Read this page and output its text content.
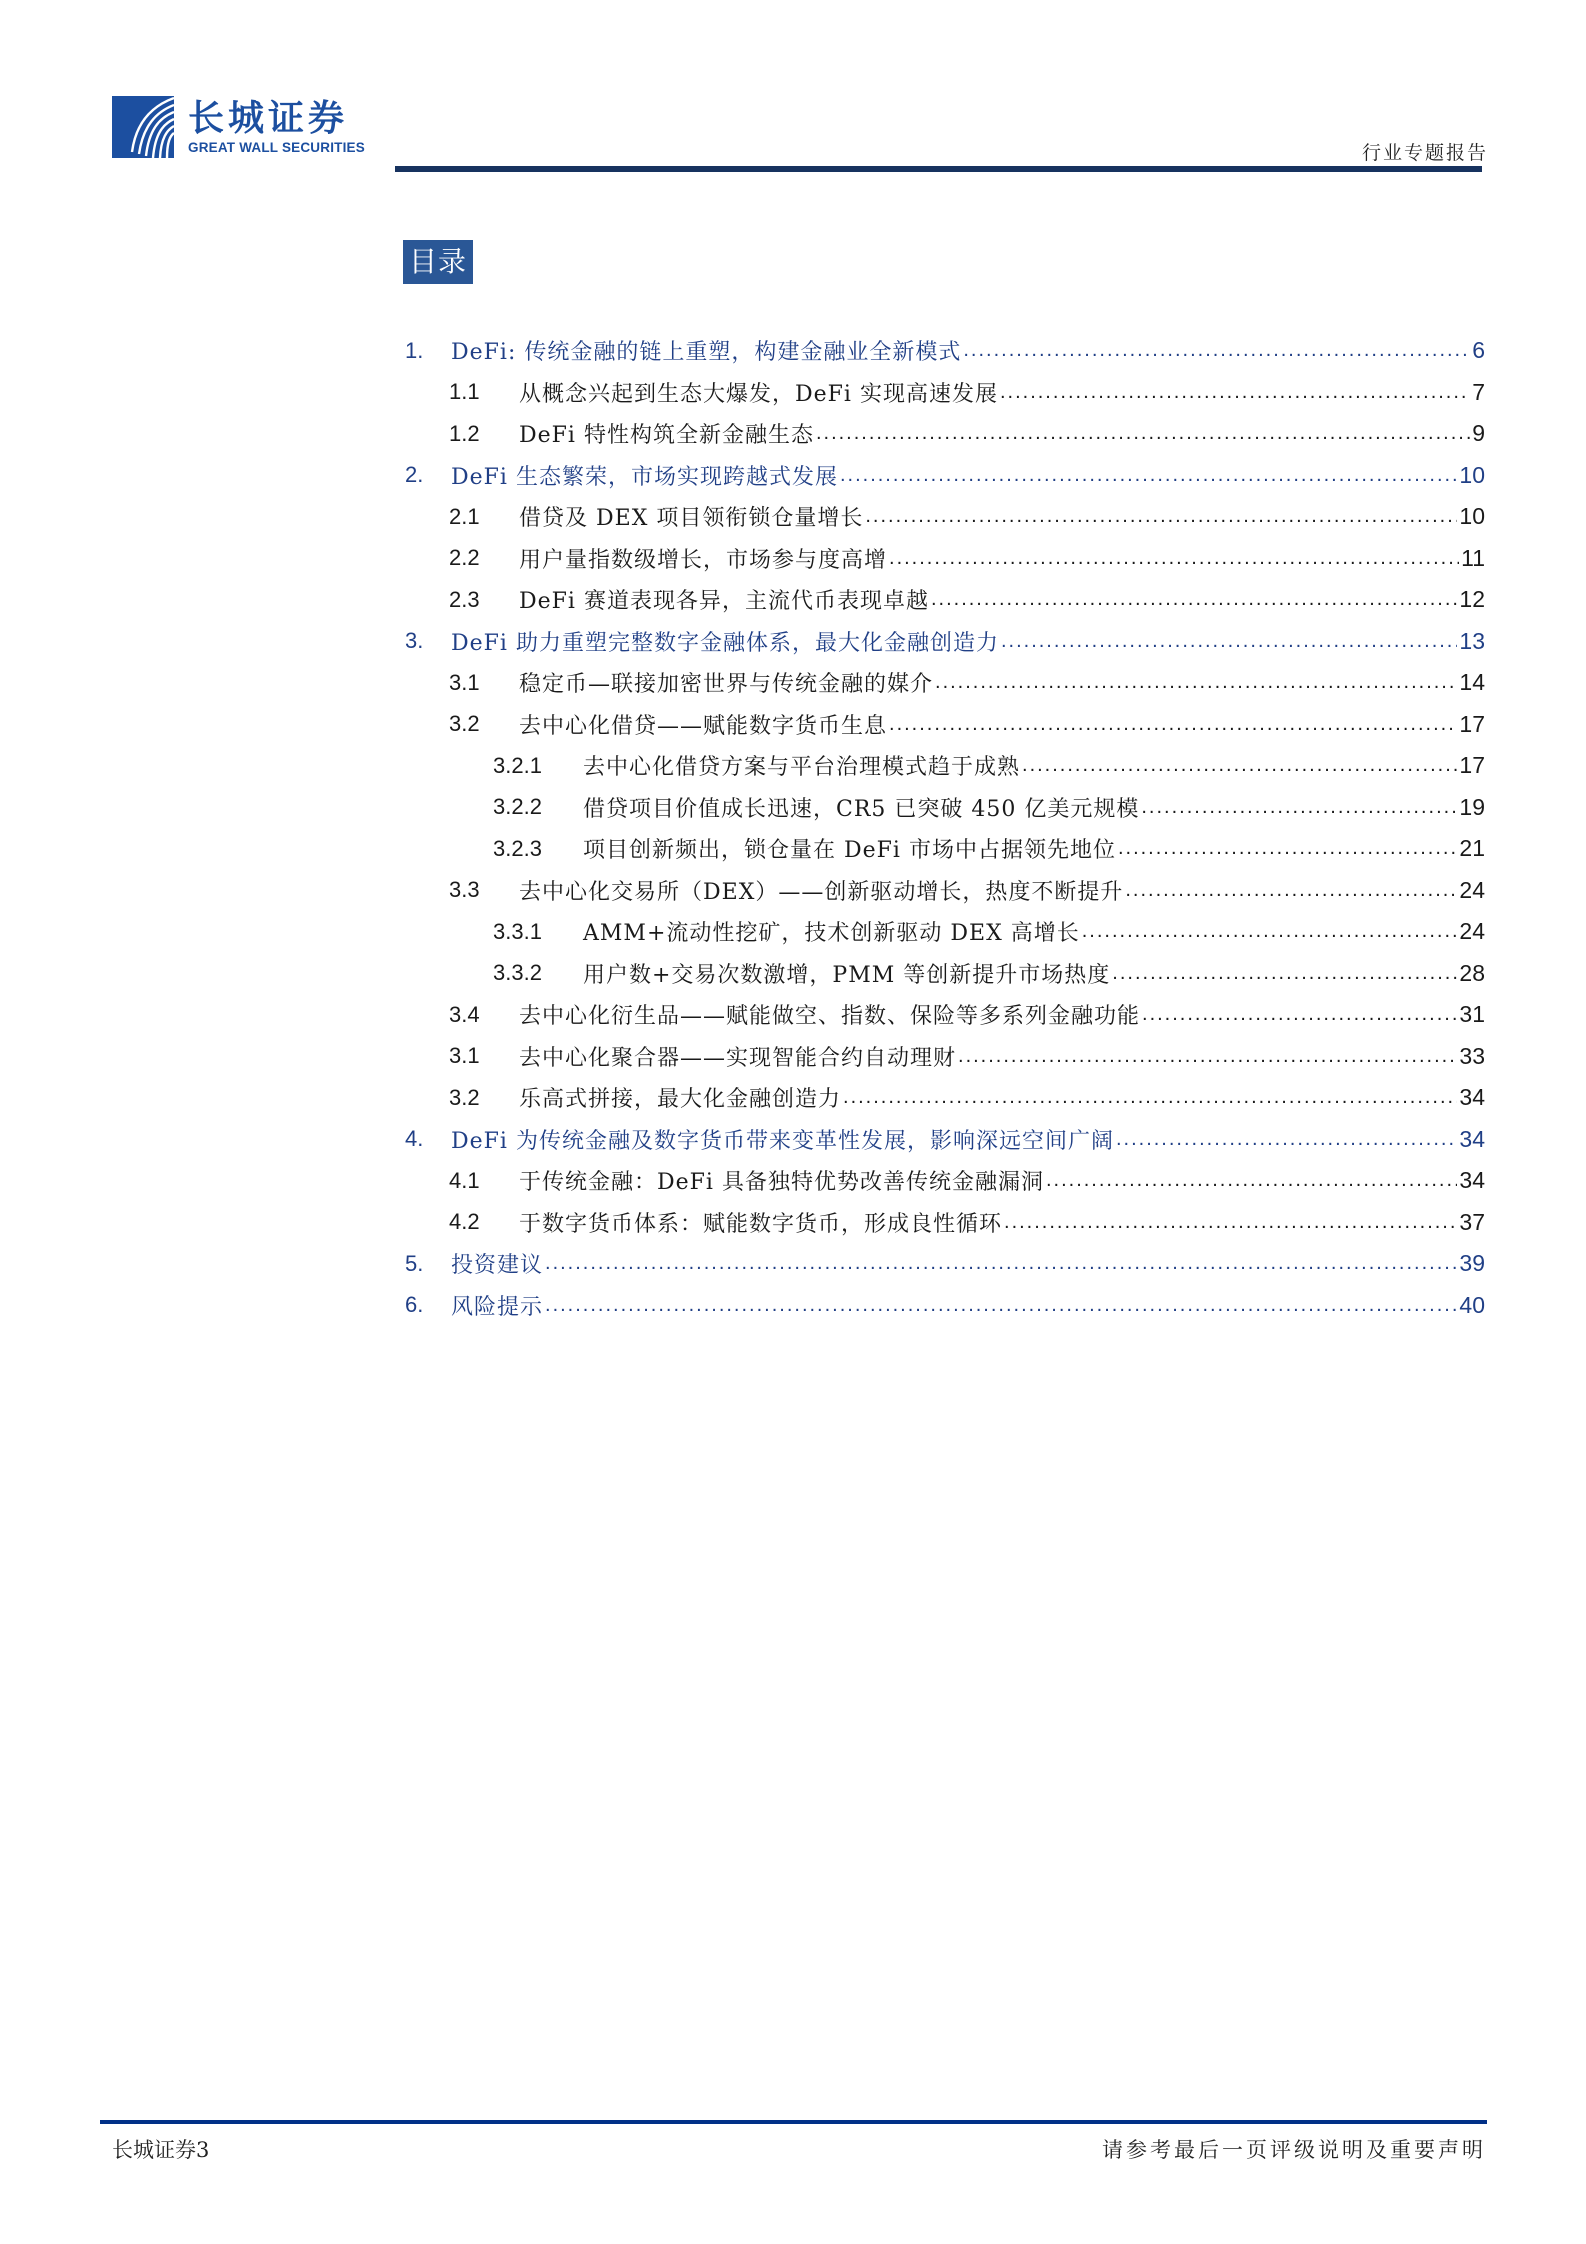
长城证券
GREAT WALL SECURITIES	行业专题报告
目录
1.	DeFi: 传统金融的链上重塑，构建金融业全新模式 .....	6
1.1	从概念兴起到生态大爆发，DeFi 实现高速发展 .....	7
1.2	DeFi 特性构筑全新金融生态 .....	9
2.	DeFi 生态繁荣，市场实现跨越式发展 .....	10
2.1	借贷及 DEX 项目领衔锁仓量增长 .....	10
2.2	用户量指数级增长，市场参与度高增 .....	11
2.3	DeFi 赛道表现各异，主流代币表现卓越 .....	12
3.	DeFi 助力重塑完整数字金融体系，最大化金融创造力 .....	13
3.1	稳定币—联接加密世界与传统金融的媒介 .....	14
3.2	去中心化借贷——赋能数字货币生息 .....	17
3.2.1	去中心化借贷方案与平台治理模式趋于成熟 .....	17
3.2.2	借贷项目价值成长迅速，CR5 已突破 450 亿美元规模 .....	19
3.2.3	项目创新频出，锁仓量在 DeFi 市场中占据领先地位 .....	21
3.3	去中心化交易所（DEX）——创新驱动增长，热度不断提升 .....	24
3.3.1	AMM+流动性挖矿，技术创新驱动 DEX 高增长 .....	24
3.3.2	用户数+交易次数激增，PMM 等创新提升市场热度 .....	28
3.4	去中心化衍生品——赋能做空、指数、保险等多系列金融功能 .....	31
3.1	去中心化聚合器——实现智能合约自动理财 .....	33
3.2	乐高式拼接，最大化金融创造力 .....	34
4.	DeFi 为传统金融及数字货币带来变革性发展，影响深远空间广阔 .....	34
4.1	于传统金融：DeFi 具备独特优势改善传统金融漏洞 .....	34
4.2	于数字货币体系：赋能数字货币，形成良性循环 .....	37
5.	投资建议 .....	39
6.	风险提示 .....	40
长城证券3	请参考最后一页评级说明及重要声明
